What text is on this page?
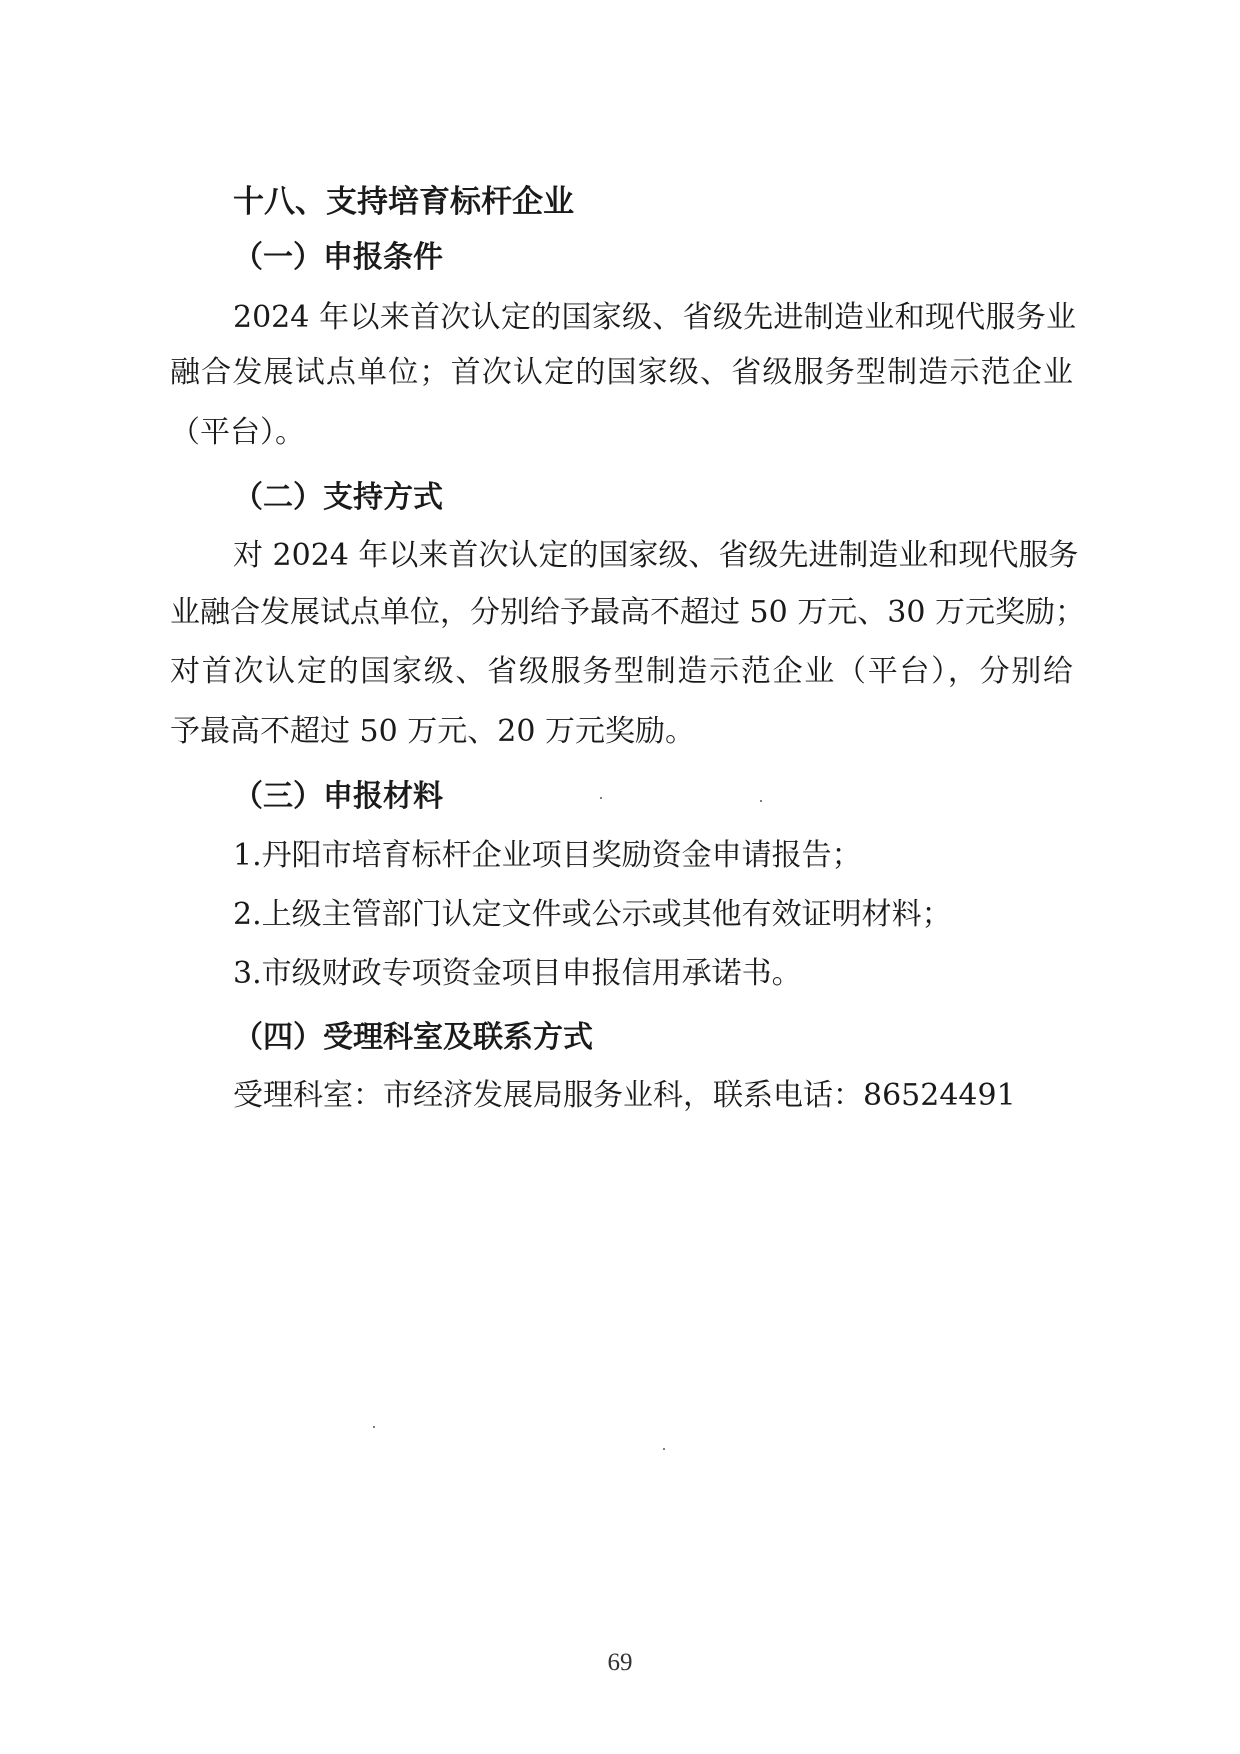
十八、支持培育标杆企业
（一）申报条件
2024 年以来首次认定的国家级、省级先进制造业和现代服务业
融合发展试点单位；首次认定的国家级、省级服务型制造示范企业
（平台）。
（二）支持方式
对 2024 年以来首次认定的国家级、省级先进制造业和现代服务
业融合发展试点单位，分别给予最高不超过 50 万元、30 万元奖励；
对首次认定的国家级、省级服务型制造示范企业（平台），分别给
予最高不超过 50 万元、20 万元奖励。
（三）申报材料
1.丹阳市培育标杆企业项目奖励资金申请报告；
2.上级主管部门认定文件或公示或其他有效证明材料；
3.市级财政专项资金项目申报信用承诺书。
（四）受理科室及联系方式
受理科室：市经济发展局服务业科，联系电话：86524491
69
